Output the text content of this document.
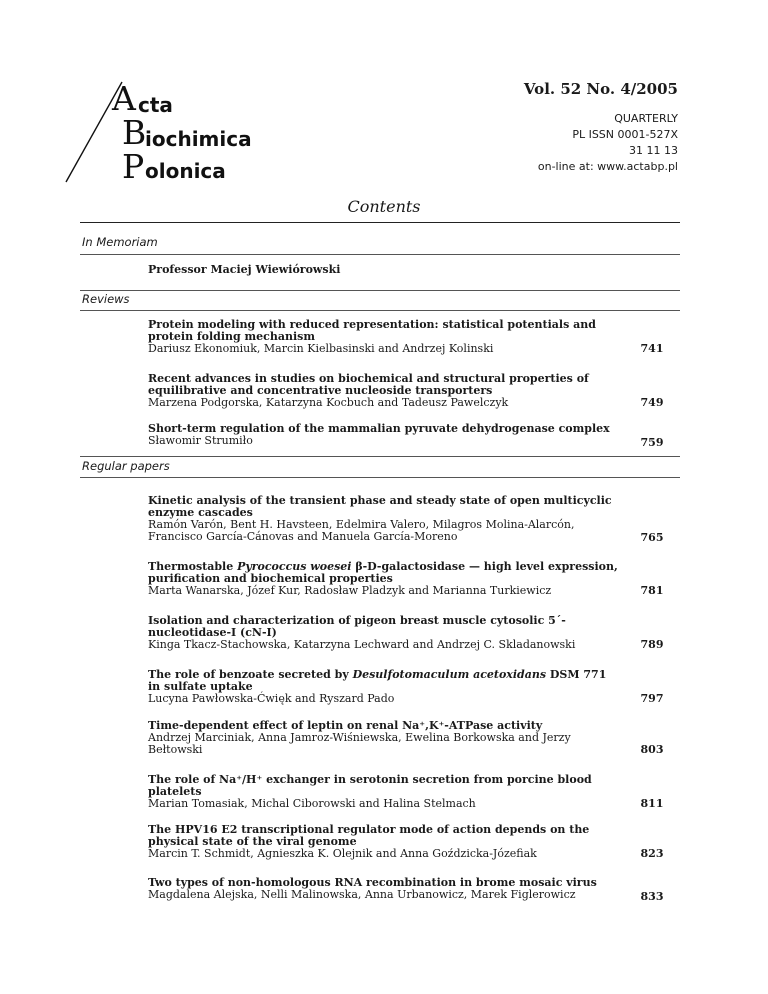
A cta
B
iochimica
P olonica
Vol. 52 No. 4/2005
QUARTERLY
PL ISSN 0001-527X
31 11 13
on-line at: www.actabp.pl
Contents
In Memoriam
Professor Maciej Wiewiórowski
Reviews
Protein modeling with reduced representation: statistical potentials and protein folding mechanism
Dariusz Ekonomiuk, Marcin Kielbasinski and Andrzej Kolinski	741
Recent advances in studies on biochemical and structural properties of equilibrative and concentrative nucleoside transporters
Marzena Podgorska, Katarzyna Kocbuch and Tadeusz Pawelczyk	749
Short-term regulation of the mammalian pyruvate dehydrogenase complex
Sławomir Strumiło	759
Regular papers
Kinetic analysis of the transient phase and steady state of open multicyclic enzyme cascades
Ramón Varón, Bent H. Havsteen, Edelmira Valero, Milagros Molina-Alarcón, Francisco García-Cánovas and Manuela García-Moreno	765
Thermostable Pyrococcus woesei β-D-galactosidase — high level expression, purification and biochemical properties
Marta Wanarska, Józef Kur, Radosław Pladzyk and Marianna Turkiewicz	781
Isolation and characterization of pigeon breast muscle cytosolic 5´-nucleotidase-I (cN-I)
Kinga Tkacz-Stachowska, Katarzyna Lechward and Andrzej C. Skladanowski	789
The role of benzoate secreted by Desulfotomaculum acetoxidans DSM 771 in sulfate uptake
Lucyna Pawłowska-Ćwięk and Ryszard Pado	797
Time-dependent effect of leptin on renal Na⁺,K⁺-ATPase activity
Andrzej Marciniak, Anna Jamroz-Wiśniewska, Ewelina Borkowska and Jerzy Bełtowski	803
The role of Na⁺/H⁺ exchanger in serotonin secretion from porcine blood platelets
Marian Tomasiak, Michal Ciborowski and Halina Stelmach	811
The HPV16 E2 transcriptional regulator mode of action depends on the physical state of the viral genome
Marcin T. Schmidt, Agnieszka K. Olejnik and Anna Goździcka-Józefiak	823
Two types of non-homologous RNA recombination in brome mosaic virus
Magdalena Alejska, Nelli Malinowska, Anna Urbanowicz, Marek Figlerowicz	833
